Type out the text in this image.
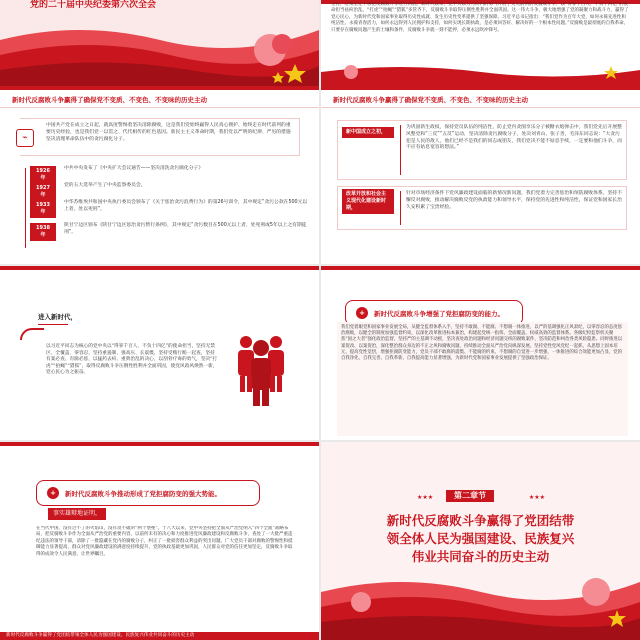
党的二十届中央纪委第六次全会	坚持，必须坚定不移把反腐败斗争进行到底。新时代以来，党中央以刀刃向内的勇气开展了史无前例的反腐败斗争，以“得罪千百人、不负十四亿”的使命担当祛疴治乱，“打虎”“拍蝇”“猎狐”多管齐下，反腐败斗争取得压倒性胜利并全面巩固。这一伟大斗争，极大地增强了党的凝聚力和战斗力，赢得了党心民心，为新时代党和国家事业取得历史性成就、发生历史性变革提供了坚强保障。习近平总书记指出：“我们党作为百年大党，如何永葆先进性和纯洁性、永葆青春活力，如何永远得到人民拥护和支持，如何实现长期执政，是必须回答好、解决好的一个根本性问题。”反腐败是最彻底的自我革命。只要存在腐败问题产生的土壤和条件，反腐败斗争就一刻不能停，必须永远吹冲锋号。
新时代反腐败斗争赢得了确保党不变质、不变色、不变味的历史主动
⌁
中国共产党在成立之日起，就高度警惕着坚决清除腐败，这是我们党始终赢得人民真心拥护、始终走在时代前列的重要历史经验，也是我们党一以贯之、代代相传的红色基因。新民主主义革命时期，我们党以严明的纪律、严厉的措施坚决清理革命队伍中的贪污腐化分子。
1926年
中共中央发布了《中央扩大会议通告——坚决清洗贪污腐化分子》
1927年
党的五大选举产生了中央监察委员会。
1933年
中华苏维埃共和国中央执行委员会颁布了《关于惩治贪污浪费行为》的第26号训令，其中规定“贪污公款在500元以上者，处以死刑”。
1938年
陕甘宁边区颁布《陕甘宁边区惩治贪污暂行条例》，其中规定“贪污数目在500元以上者，处死刑或5年以上之有期徒刑”。
新时代反腐败斗争赢得了确保党不变质、不变色、不变味的历史主动
新中国成立之初，
为巩固新生政权，保持党员队伍的纯洁性，防止党内贪图享乐分子被糖衣炮弹击中，我们党先后开展整风整党和“三反”“五反”运动，坚决清除贪污腐败分子，处决刘青山、张子善，毛泽东同志说：“大贪污犯是人民的敌人，他们已经不是我们的同志或朋友，我们党决不能不姑息手续，一定要和他们斗争，而不应有姑息宽容的想法。”
改革开放和社会主义现代化建设新时期，
针对市场经济条件下党风廉政建设面临的新情况新问题，我们党着力完善惩治和预防腐败体系，坚持不懈反对腐败，推动解决腐败反党的执政能力和领导水平，保持党的先进性和纯洁性，保证党和国家长治久安积累了宝贵经验。
进入新时代，
以习近平同志为核心的党中央以“得罪千百人、不负十四亿”的使命担当，坚持无禁区、全覆盖、零容忍，坚持重遏制、强高压、长震慑，坚持受贿行贿一起查，坚持有案必查、有腐必惩，以猛药去疴、重典治乱的决心，以刮骨疗毒的勇气，坚决“打虎”“拍蝇”“猎狐”，取得反腐败斗争压倒性胜利并全面巩固，使党风政风焕然一新，党心民心为之振奋。
+	新时代反腐败斗争增强了党拒腐防变的能力。
我们党着眼党和国家事业发展全局，从健全监督体系入手，坚持不敢腐、不能腐、不想腐一体推进，以严的基调强化正风肃纪，以零容忍的态度惩治腐败，以健全的制度加强监督约束，以深化改革推进标本兼治，构建起党统一指挥、全面覆盖、权威高效的监督体系。各级纪检监察机关聚焦“国之大者”强化政治监督，坚持严的主基调不动摇，坚决查处政治问题和经济问题交织的腐败案件，坚决防范和纠治各类风险隐患。同时推进以案促改、以案促治，深化整治群众身边的不正之风和腐败问题，持续推动全面从严治党向纵深发展。坚持党性党风党纪一起抓，从思想上固本培元，提高党性觉悟，增强拒腐防变能力，党员干部不敢腐的震慑、不能腐的约束、不想腐的自觉进一步增强，一体推进的综合效能更加凸显，党的自我净化、自我完善、自我革新、自我提高能力显著增强，为新时代党和国家事业发展提供了坚强政治保证。
+	新时代反腐败斗争推动形成了党拒腐防变的强大势能。
事实雄辩地证明，
在当代中国，没有过不了的火焰山，没有攻不破的“两个堡垒”。十八大以来，党中央坚持把全面从严治党纳入“四个全面”战略布局，把反腐败斗争作为全面从严治党的重要内容，以前所未有的决心和力度推进党风廉政建设和反腐败斗争，查处了一大批严重违纪违法的领导干部，清除了一批隐藏在党内的腐败分子，纠正了一批损害群众利益的突出问题。广大党员干部对腐败的警惕性和抵御能力显著提高，群众对党风廉政建设的满意度持续提升，党的执政基础更加巩固，人民群众对党的信任更加坚定，反腐败斗争取得的成效令人民满意、让世界瞩目。
新时代反腐败斗争赢得了党团结带领全体人民为强国建设、民族复兴伟业共同奋斗的历史主动
★★★	★★★
第二章节
新时代反腐败斗争赢得了党团结带
领全体人民为强国建设、民族复兴
伟业共同奋斗的历史主动
